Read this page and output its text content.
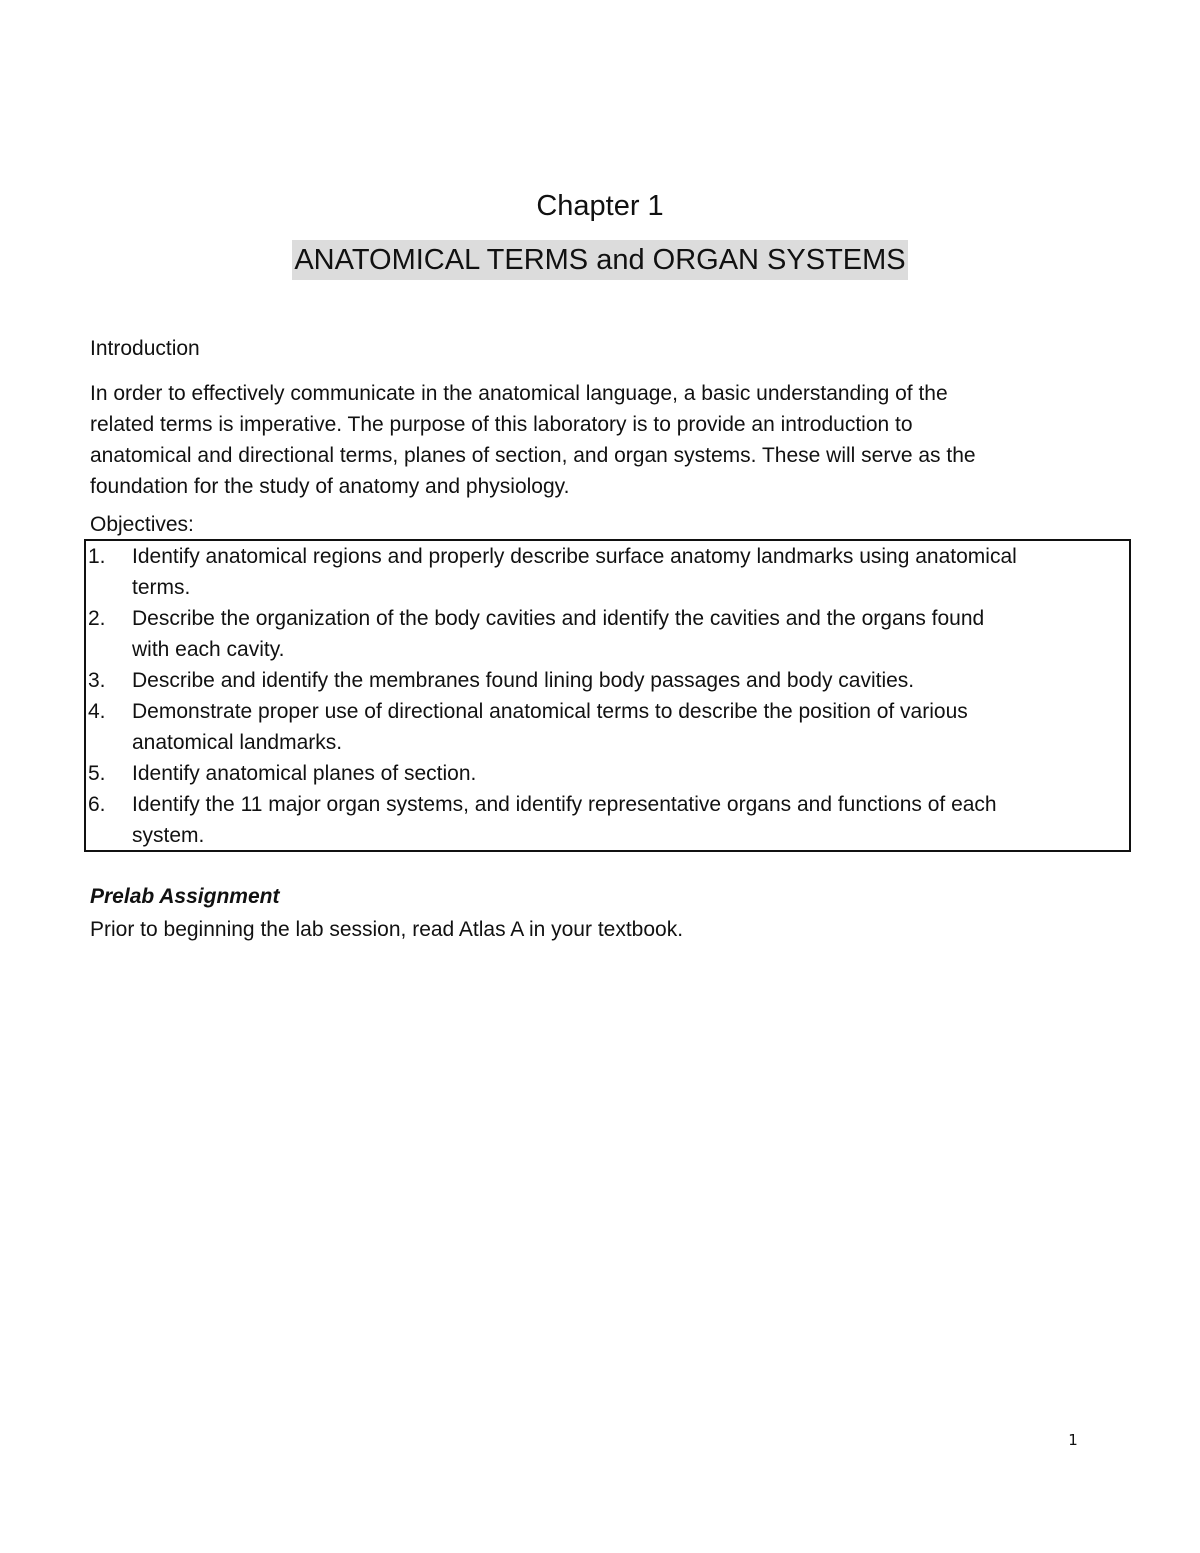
Chapter 1
ANATOMICAL TERMS and ORGAN SYSTEMS
Introduction
In order to effectively communicate in the anatomical language, a basic understanding of the
related terms is imperative. The purpose of this laboratory is to provide an introduction to
anatomical and directional terms, planes of section, and organ systems. These will serve as the
foundation for the study of anatomy and physiology.
Objectives:
1. Identify anatomical regions and properly describe surface anatomy landmarks using anatomical
terms.
2. Describe the organization of the body cavities and identify the cavities and the organs found
with each cavity.
3. Describe and identify the membranes found lining body passages and body cavities.
4. Demonstrate proper use of directional anatomical terms to describe the position of various
anatomical landmarks.
5. Identify anatomical planes of section.
6. Identify the 11 major organ systems, and identify representative organs and functions of each
system.
Prelab Assignment
Prior to beginning the lab session, read Atlas A in your textbook.
1
